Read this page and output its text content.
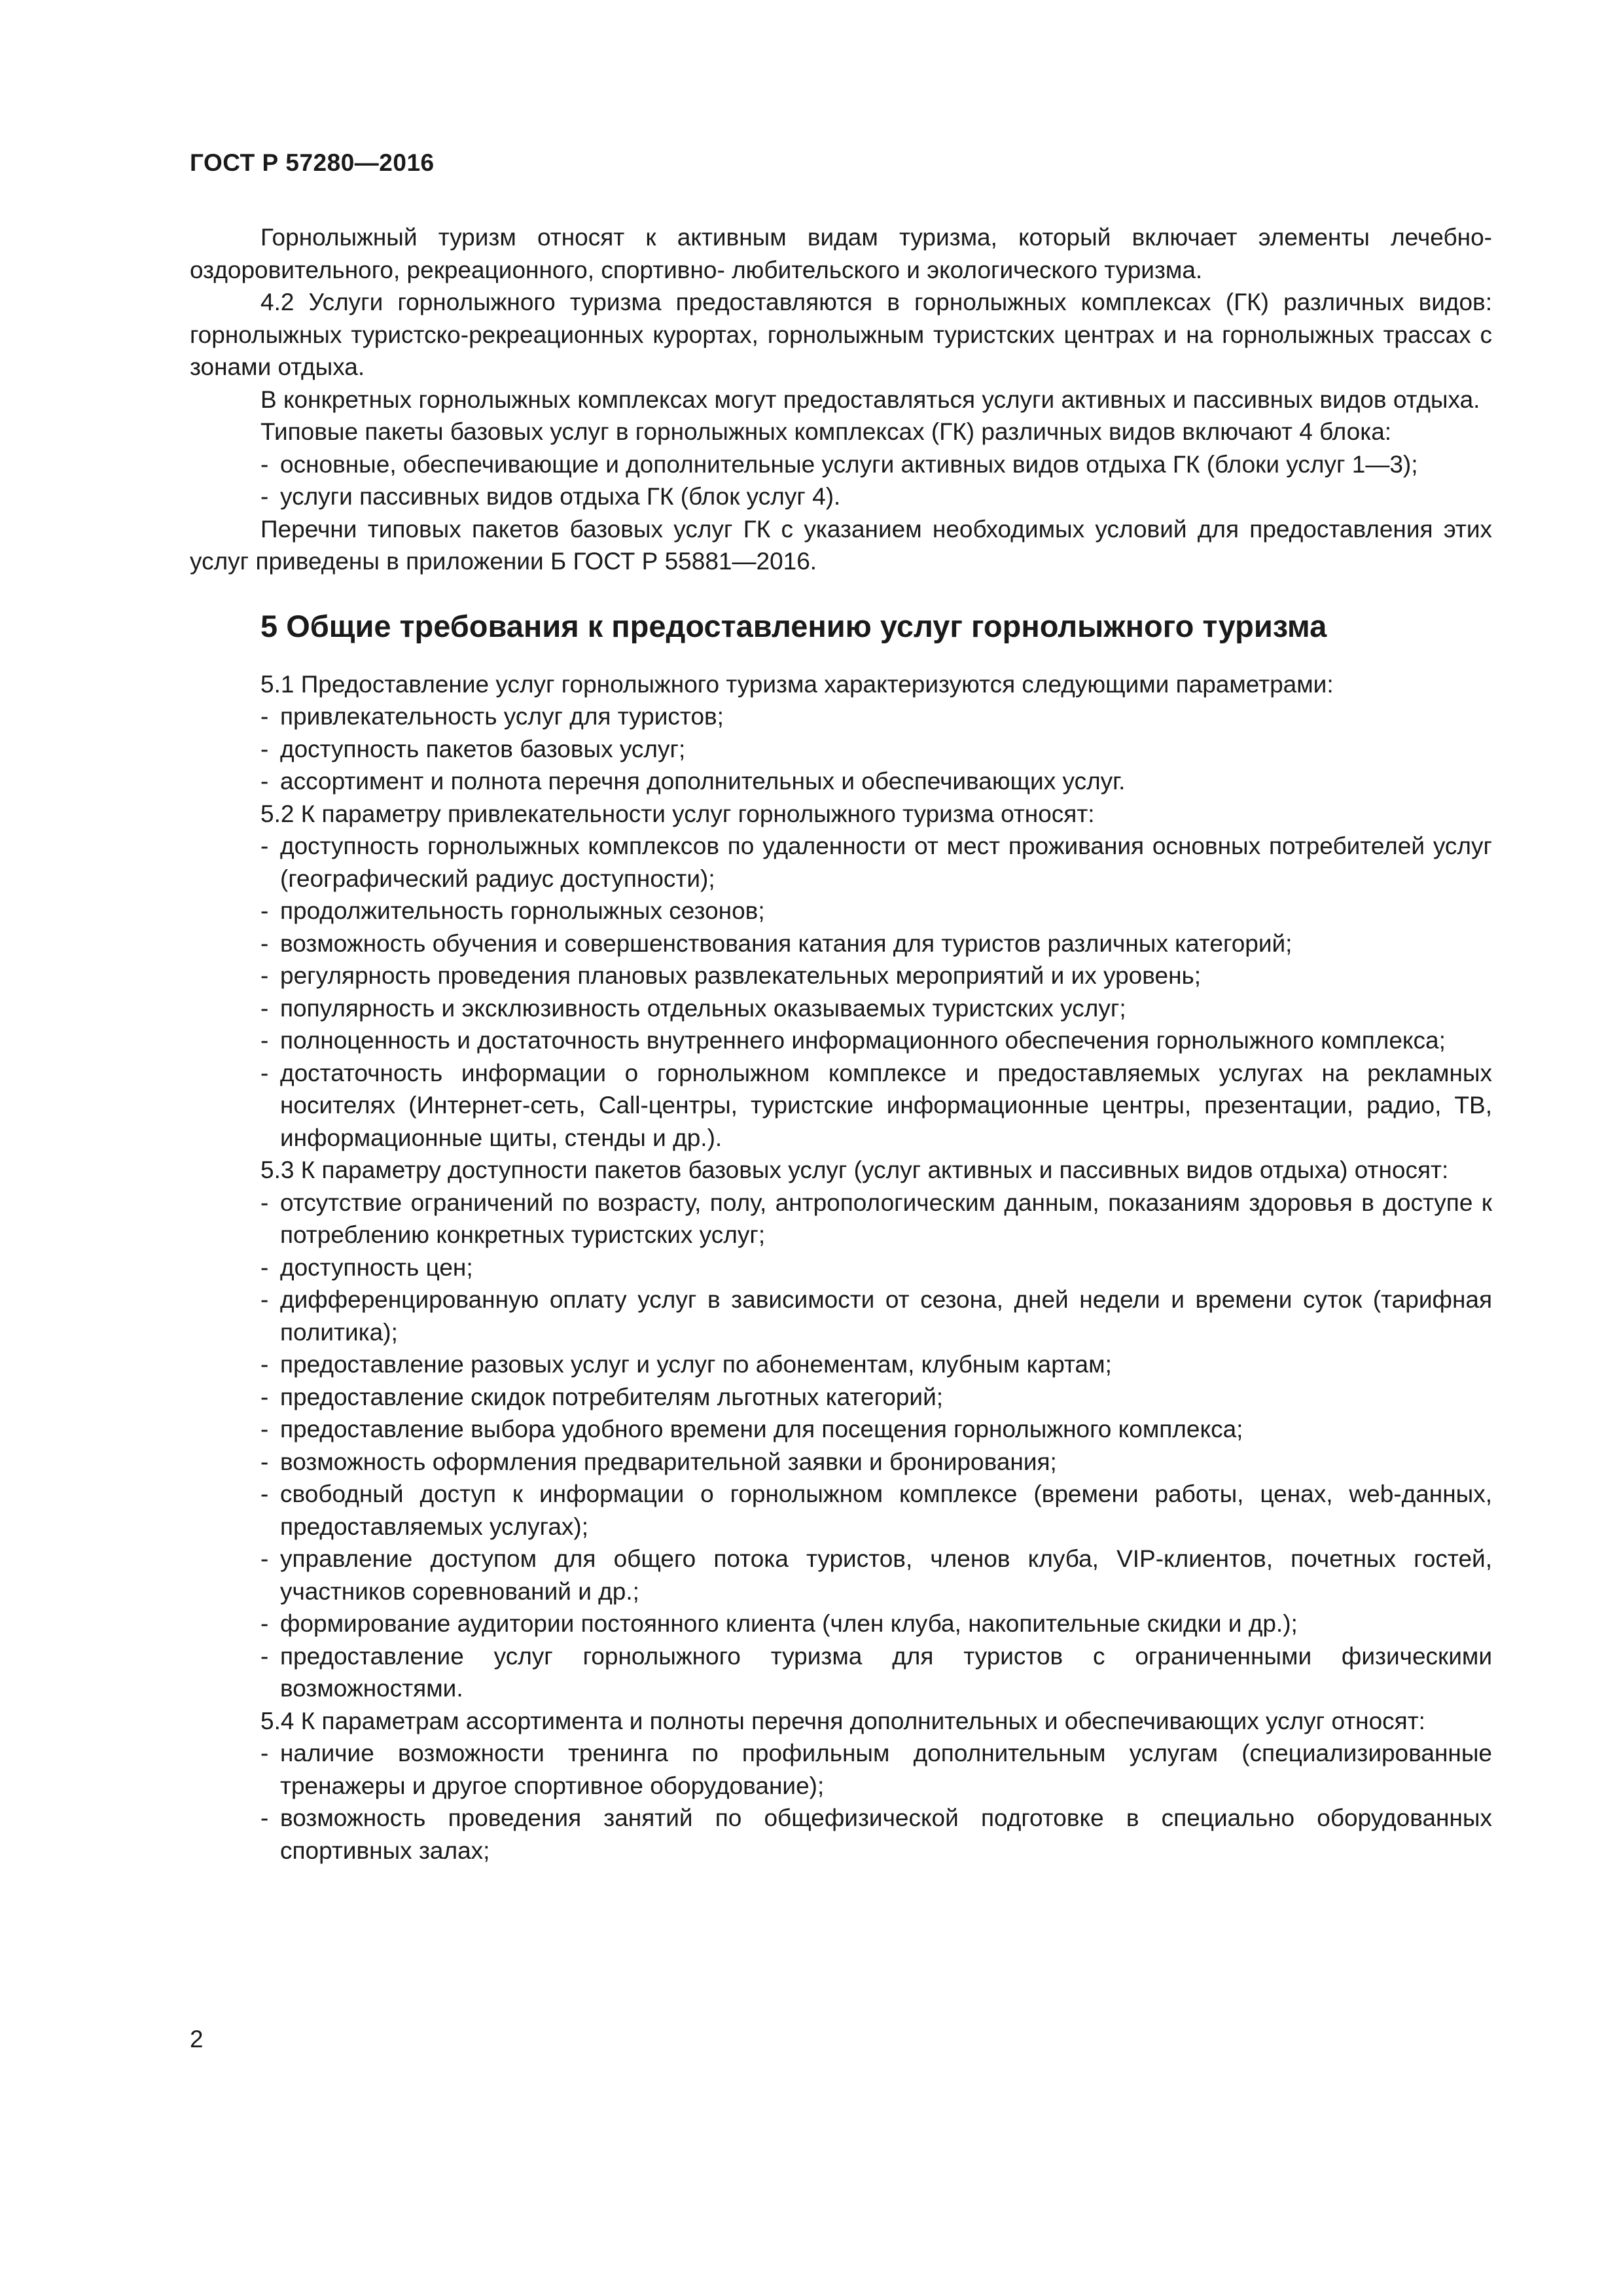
ГОСТ Р 57280—2016

Горнолыжный туризм относят к активным видам туризма, который включает элементы лечебно-оздоровительного, рекреационного, спортивно- любительского и экологического туризма.

4.2 Услуги горнолыжного туризма предоставляются в горнолыжных комплексах (ГК) различных видов: горнолыжных туристско-рекреационных курортах, горнолыжным туристских центрах и на горнолыжных трассах с зонами отдыха.

В конкретных горнолыжных комплексах могут предоставляться услуги активных и пассивных видов отдыха.

Типовые пакеты базовых услуг в горнолыжных комплексах (ГК) различных видов включают 4 блока:

- основные, обеспечивающие и дополнительные услуги активных видов отдыха ГК (блоки услуг 1—3);
- услуги пассивных видов отдыха ГК (блок услуг 4).

Перечни типовых пакетов базовых услуг ГК с указанием необходимых условий для предоставления этих услуг приведены в приложении Б ГОСТ Р 55881—2016.

5 Общие требования к предоставлению услуг горнолыжного туризма

5.1 Предоставление услуг горнолыжного туризма характеризуются следующими параметрами:

- привлекательность услуг для туристов;
- доступность пакетов базовых услуг;
- ассортимент и полнота перечня дополнительных и обеспечивающих услуг.

5.2 К параметру привлекательности услуг горнолыжного туризма относят:

- доступность горнолыжных комплексов по удаленности от мест проживания основных потребителей услуг (географический радиус доступности);
- продолжительность горнолыжных сезонов;
- возможность обучения и совершенствования катания для туристов различных категорий;
- регулярность проведения плановых развлекательных мероприятий и их уровень;
- популярность и эксклюзивность отдельных оказываемых туристских услуг;
- полноценность и достаточность внутреннего информационного обеспечения горнолыжного комплекса;
- достаточность информации о горнолыжном комплексе и предоставляемых услугах на рекламных носителях (Интернет-сеть, Call-центры, туристские информационные центры, презентации, радио, ТВ, информационные щиты, стенды и др.).

5.3 К параметру доступности пакетов базовых услуг (услуг активных и пассивных видов отдыха) относят:

- отсутствие ограничений по возрасту, полу, антропологическим данным, показаниям здоровья в доступе к потреблению конкретных туристских услуг;
- доступность цен;
- дифференцированную оплату услуг в зависимости от сезона, дней недели и времени суток (тарифная политика);
- предоставление разовых услуг и услуг по абонементам, клубным картам;
- предоставление скидок потребителям льготных категорий;
- предоставление выбора удобного времени для посещения горнолыжного комплекса;
- возможность оформления предварительной заявки и бронирования;
- свободный доступ к информации о горнолыжном комплексе (времени работы, ценах, web-данных, предоставляемых услугах);
- управление доступом для общего потока туристов, членов клуба, VIP-клиентов, почетных гостей, участников соревнований и др.;
- формирование аудитории постоянного клиента (член клуба, накопительные скидки и др.);
- предоставление услуг горнолыжного туризма для туристов с ограниченными физическими возможностями.

5.4 К параметрам ассортимента и полноты перечня дополнительных и обеспечивающих услуг относят:

- наличие возможности тренинга по профильным дополнительным услугам (специализированные тренажеры и другое спортивное оборудование);
- возможность проведения занятий по общефизической подготовке в специально оборудованных спортивных залах;
2
